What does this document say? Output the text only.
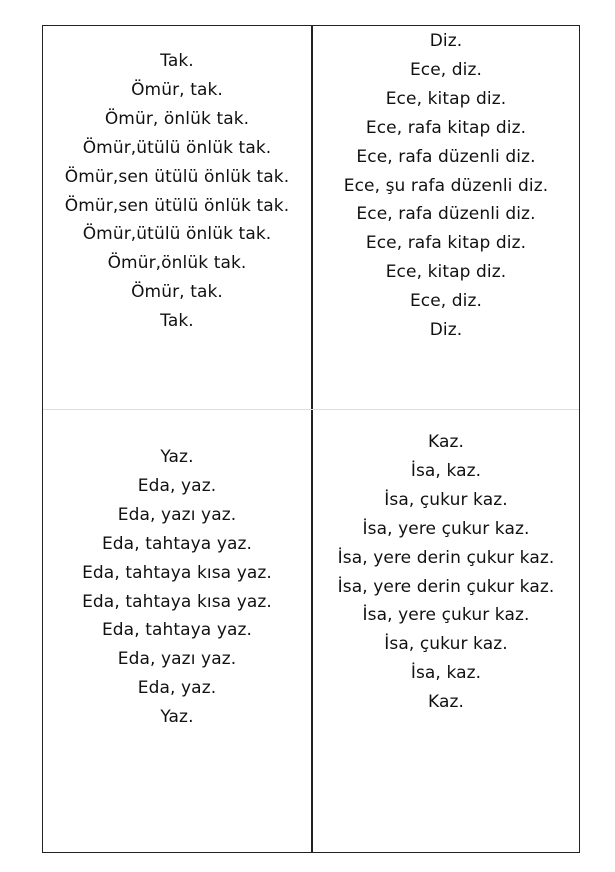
Tak.
Ömür, tak.
Ömür, önlük tak.
Ömür,ütülü önlük tak.
Ömür,sen ütülü önlük tak.
Ömür,sen ütülü önlük tak.
Ömür,ütülü önlük tak.
Ömür,önlük tak.
Ömür, tak.
Tak.
Diz.
Ece, diz.
Ece, kitap diz.
Ece, rafa kitap diz.
Ece, rafa düzenli diz.
Ece, şu rafa düzenli diz.
Ece, rafa düzenli diz.
Ece, rafa kitap diz.
Ece, kitap diz.
Ece, diz.
Diz.
Yaz.
Eda, yaz.
Eda, yazı yaz.
Eda, tahtaya yaz.
Eda, tahtaya kısa yaz.
Eda, tahtaya kısa yaz.
Eda, tahtaya yaz.
Eda, yazı yaz.
Eda, yaz.
Yaz.
Kaz.
İsa, kaz.
İsa, çukur kaz.
İsa, yere çukur kaz.
İsa, yere derin çukur kaz.
İsa, yere derin çukur kaz.
İsa, yere çukur kaz.
İsa, çukur kaz.
İsa, kaz.
Kaz.
